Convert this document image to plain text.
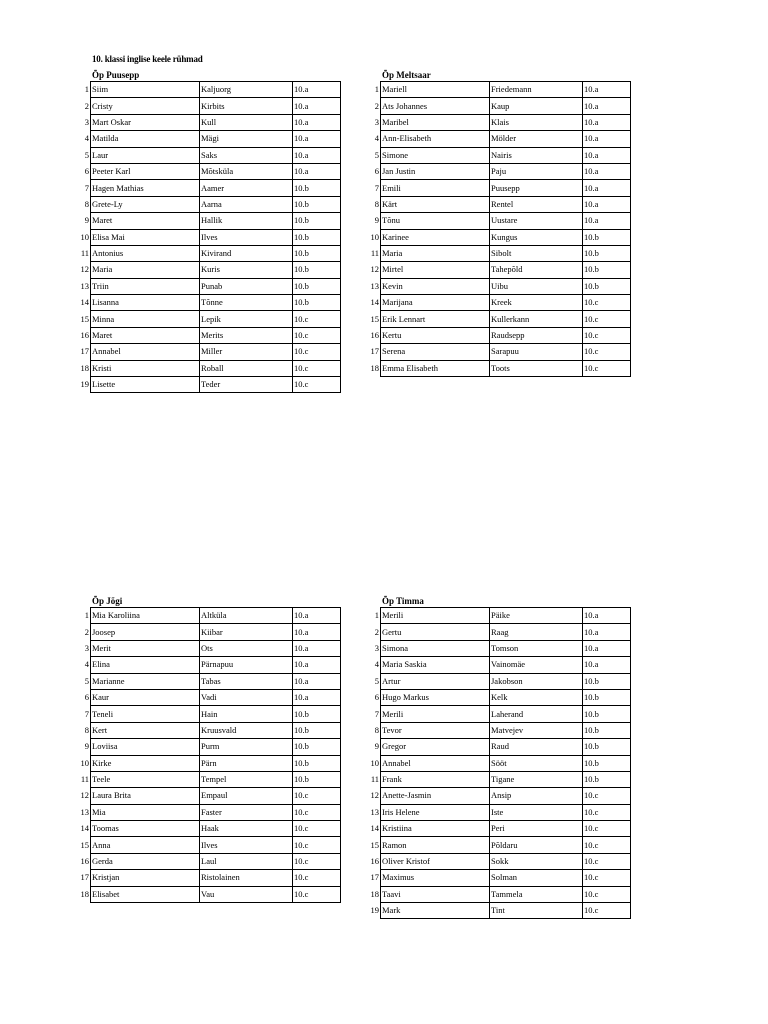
10. klassi inglise keele rühmad
Õp Puusepp
1	Siim	Kaljuorg	10.a
2	Cristy	Kirbits	10.a
3	Mart Oskar	Kull	10.a
4	Matilda	Mägi	10.a
5	Laur	Saks	10.a
6	Peeter Karl	Mõtsküla	10.a
7	Hagen Mathias	Aamer	10.b
8	Grete-Ly	Aarna	10.b
9	Maret	Hallik	10.b
10	Elisa Mai	Ilves	10.b
11	Antonius	Kivirand	10.b
12	Maria	Kuris	10.b
13	Triin	Punab	10.b
14	Lisanna	Tõnne	10.b
15	Minna	Lepik	10.c
16	Maret	Merits	10.c
17	Annabel	Miller	10.c
18	Kristi	Roball	10.c
19	Lisette	Teder	10.c
Õp Meltsaar
1	Mariell	Friedemann	10.a
2	Ats Johannes	Kaup	10.a
3	Maribel	Klais	10.a
4	Ann-Elisabeth	Mölder	10.a
5	Simone	Nairis	10.a
6	Jan Justin	Paju	10.a
7	Emili	Puusepp	10.a
8	Kärt	Rentel	10.a
9	Tõnu	Uustare	10.a
10	Karinee	Kungus	10.b
11	Maria	Sibolt	10.b
12	Mirtel	Tahepõld	10.b
13	Kevin	Uibu	10.b
14	Marijana	Kreek	10.c
15	Erik Lennart	Kullerkann	10.c
16	Kertu	Raudsepp	10.c
17	Serena	Sarapuu	10.c
18	Emma Elisabeth	Toots	10.c
Õp Jõgi
1	Mia Karoliina	Altküla	10.a
2	Joosep	Kiibar	10.a
3	Merit	Ots	10.a
4	Elina	Pärnapuu	10.a
5	Marianne	Tabas	10.a
6	Kaur	Vadi	10.a
7	Teneli	Hain	10.b
8	Kert	Kruusvald	10.b
9	Loviisa	Purm	10.b
10	Kirke	Pärn	10.b
11	Teele	Tempel	10.b
12	Laura Brita	Empaul	10.c
13	Mia	Faster	10.c
14	Toomas	Haak	10.c
15	Anna	Ilves	10.c
16	Gerda	Laul	10.c
17	Kristjan	Ristolainen	10.c
18	Elisabet	Vau	10.c
Õp Timma
1	Merili	Päike	10.a
2	Gertu	Raag	10.a
3	Simona	Tomson	10.a
4	Maria Saskia	Vainomäe	10.a
5	Artur	Jakobson	10.b
6	Hugo Markus	Kelk	10.b
7	Merili	Laherand	10.b
8	Tevor	Matvejev	10.b
9	Gregor	Raud	10.b
10	Annabel	Sööt	10.b
11	Frank	Tigane	10.b
12	Anette-Jasmin	Ansip	10.c
13	Iris Helene	Iste	10.c
14	Kristiina	Peri	10.c
15	Ramon	Põldaru	10.c
16	Oliver Kristof	Sokk	10.c
17	Maximus	Solman	10.c
18	Taavi	Tammela	10.c
19	Mark	Tint	10.c
